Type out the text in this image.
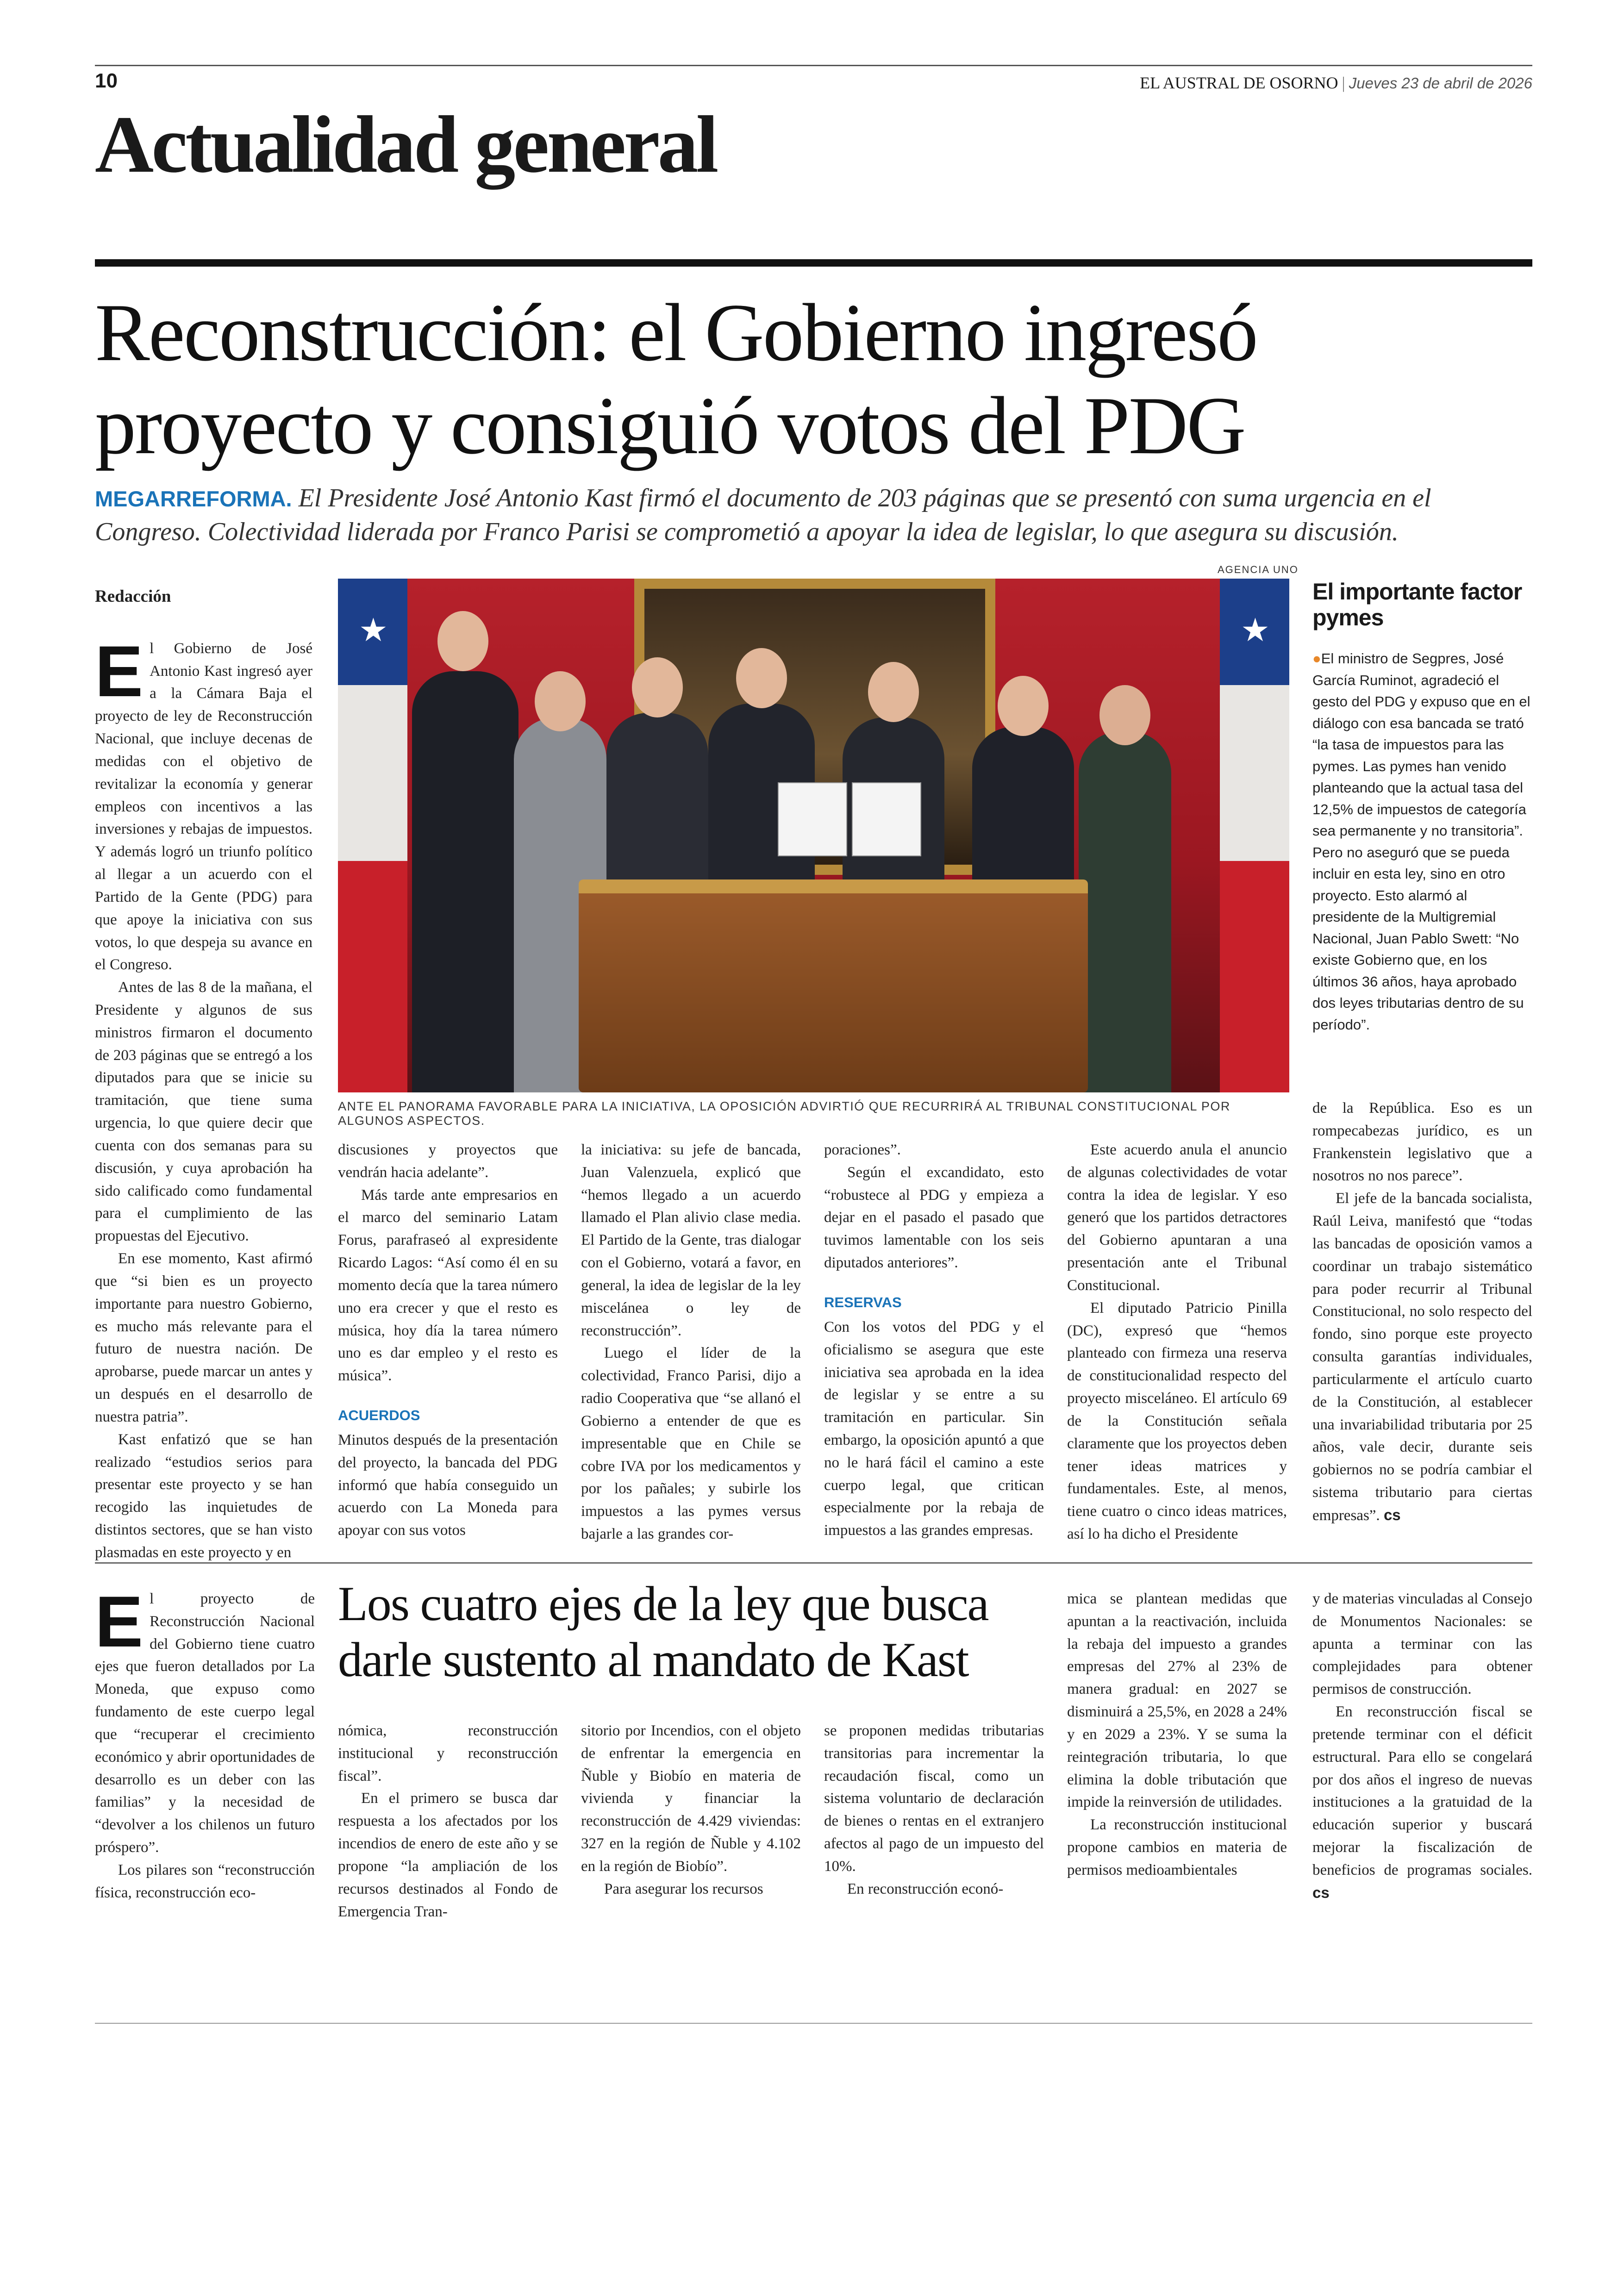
10	EL AUSTRAL DE OSORNO | Jueves 23 de abril de 2026
Actualidad general
Reconstrucción: el Gobierno ingresó proyecto y consiguió votos del PDG
MEGARREFORMA. El Presidente José Antonio Kast firmó el documento de 203 páginas que se presentó con suma urgencia en el Congreso. Colectividad liderada por Franco Parisi se comprometió a apoyar la idea de legislar, lo que asegura su discusión.
AGENCIA UNO
Redacción

El Gobierno de José Antonio Kast ingresó ayer a la Cámara Baja el proyecto de ley de Reconstrucción Nacional, que incluye decenas de medidas con el objetivo de revitalizar la economía y generar empleos con incentivos a las inversiones y rebajas de impuestos. Y además logró un triunfo político al llegar a un acuerdo con el Partido de la Gente (PDG) para que apoye la iniciativa con sus votos, lo que despeja su avance en el Congreso.

Antes de las 8 de la mañana, el Presidente y algunos de sus ministros firmaron el documento de 203 páginas que se entregó a los diputados para que se inicie su tramitación, que tiene suma urgencia, lo que quiere decir que cuenta con dos semanas para su discusión, y cuya aprobación ha sido calificado como fundamental para el cumplimiento de las propuestas del Ejecutivo.

En ese momento, Kast afirmó que “si bien es un proyecto importante para nuestro Gobierno, es mucho más relevante para el futuro de nuestra nación. De aprobarse, puede marcar un antes y un después en el desarrollo de nuestra patria”.

Kast enfatizó que se han realizado “estudios serios para presentar este proyecto y se han recogido las inquietudes de distintos sectores, que se han visto plasmadas en este proyecto y en

★	★
ANTE EL PANORAMA FAVORABLE PARA LA INICIATIVA, LA OPOSICIÓN ADVIRTIÓ QUE RECURRIRÁ AL TRIBUNAL CONSTITUCIONAL POR ALGUNOS ASPECTOS.
El importante factor pymes
●El ministro de Segpres, José García Ruminot, agradeció el gesto del PDG y expuso que en el diálogo con esa bancada se trató “la tasa de impuestos para las pymes. Las pymes han venido planteando que la actual tasa del 12,5% de impuestos de categoría sea permanente y no transitoria”. Pero no aseguró que se pueda incluir en esta ley, sino en otro proyecto. Esto alarmó al presidente de la Multigremial Nacional, Juan Pablo Swett: “No existe Gobierno que, en los últimos 36 años, haya aprobado dos leyes tributarias dentro de su período”.

discusiones y proyectos que vendrán hacia adelante”.

Más tarde ante empresarios en el marco del seminario Latam Forus, parafraseó al expresidente Ricardo Lagos: “Así como él en su momento decía que la tarea número uno era crecer y que el resto es música, hoy día la tarea número uno es dar empleo y el resto es música”.

ACUERDOS

Minutos después de la presentación del proyecto, la bancada del PDG informó que había conseguido un acuerdo con La Moneda para apoyar con sus votos

la iniciativa: su jefe de bancada, Juan Valenzuela, explicó que “hemos llegado a un acuerdo llamado el Plan alivio clase media. El Partido de la Gente, tras dialogar con el Gobierno, votará a favor, en general, la idea de legislar de la ley miscelánea o ley de reconstrucción”.

Luego el líder de la colectividad, Franco Parisi, dijo a radio Cooperativa que “se allanó el Gobierno a entender de que es impresentable que en Chile se cobre IVA por los medicamentos y por los pañales; y subirle los impuestos a las pymes versus bajarle a las grandes cor-

poraciones”.

Según el excandidato, esto “robustece al PDG y empieza a dejar en el pasado el pasado que tuvimos lamentable con los seis diputados anteriores”.

RESERVAS

Con los votos del PDG y el oficialismo se asegura que este iniciativa sea aprobada en la idea de legislar y se entre a su tramitación en particular. Sin embargo, la oposición apuntó a que no le hará fácil el camino a este cuerpo legal, que critican especialmente por la rebaja de impuestos a las grandes empresas.

Este acuerdo anula el anuncio de algunas colectividades de votar contra la idea de legislar. Y eso generó que los partidos detractores del Gobierno apuntaran a una presentación ante el Tribunal Constitucional.

El diputado Patricio Pinilla (DC), expresó que “hemos planteado con firmeza una reserva de constitucionalidad respecto del proyecto misceláneo. El artículo 69 de la Constitución señala claramente que los proyectos deben tener ideas matrices y fundamentales. Este, al menos, tiene cuatro o cinco ideas matrices, así lo ha dicho el Presidente

de la República. Eso es un rompecabezas jurídico, es un Frankenstein legislativo que a nosotros no nos parece”.

El jefe de la bancada socialista, Raúl Leiva, manifestó que “todas las bancadas de oposición vamos a coordinar un trabajo sistemático para poder recurrir al Tribunal Constitucional, no solo respecto del fondo, sino porque este proyecto consulta garantías individuales, particularmente el artículo cuarto de la Constitución, al establecer una invariabilidad tributaria por 25 años, vale decir, durante seis gobiernos no se podría cambiar el sistema tributario para ciertas empresas”. cs

El proyecto de Reconstrucción Nacional del Gobierno tiene cuatro ejes que fueron detallados por La Moneda, que expuso como fundamento de este cuerpo legal que “recuperar el crecimiento económico y abrir oportunidades de desarrollo es un deber con las familias” y la necesidad de “devolver a los chilenos un futuro próspero”.

Los pilares son “reconstrucción física, reconstrucción eco-

Los cuatro ejes de la ley que busca darle sustento al mandato de Kast

nómica, reconstrucción institucional y reconstrucción fiscal”.

En el primero se busca dar respuesta a los afectados por los incendios de enero de este año y se propone “la ampliación de los recursos destinados al Fondo de Emergencia Tran-

sitorio por Incendios, con el objeto de enfrentar la emergencia en Ñuble y Biobío en materia de vivienda y financiar la reconstrucción de 4.429 viviendas: 327 en la región de Ñuble y 4.102 en la región de Biobío”.

Para asegurar los recursos

se proponen medidas tributarias transitorias para incrementar la recaudación fiscal, como un sistema voluntario de declaración de bienes o rentas en el extranjero afectos al pago de un impuesto del 10%.

En reconstrucción econó-

mica se plantean medidas que apuntan a la reactivación, incluida la rebaja del impuesto a grandes empresas del 27% al 23% de manera gradual: en 2027 se disminuirá a 25,5%, en 2028 a 24% y en 2029 a 23%. Y se suma la reintegración tributaria, lo que elimina la doble tributación que impide la reinversión de utilidades.

La reconstrucción institucional propone cambios en materia de permisos medioambientales

y de materias vinculadas al Consejo de Monumentos Nacionales: se apunta a terminar con las complejidades para obtener permisos de construcción.

En reconstrucción fiscal se pretende terminar con el déficit estructural. Para ello se congelará por dos años el ingreso de nuevas instituciones a la gratuidad de la educación superior y buscará mejorar la fiscalización de beneficios de programas sociales. cs
